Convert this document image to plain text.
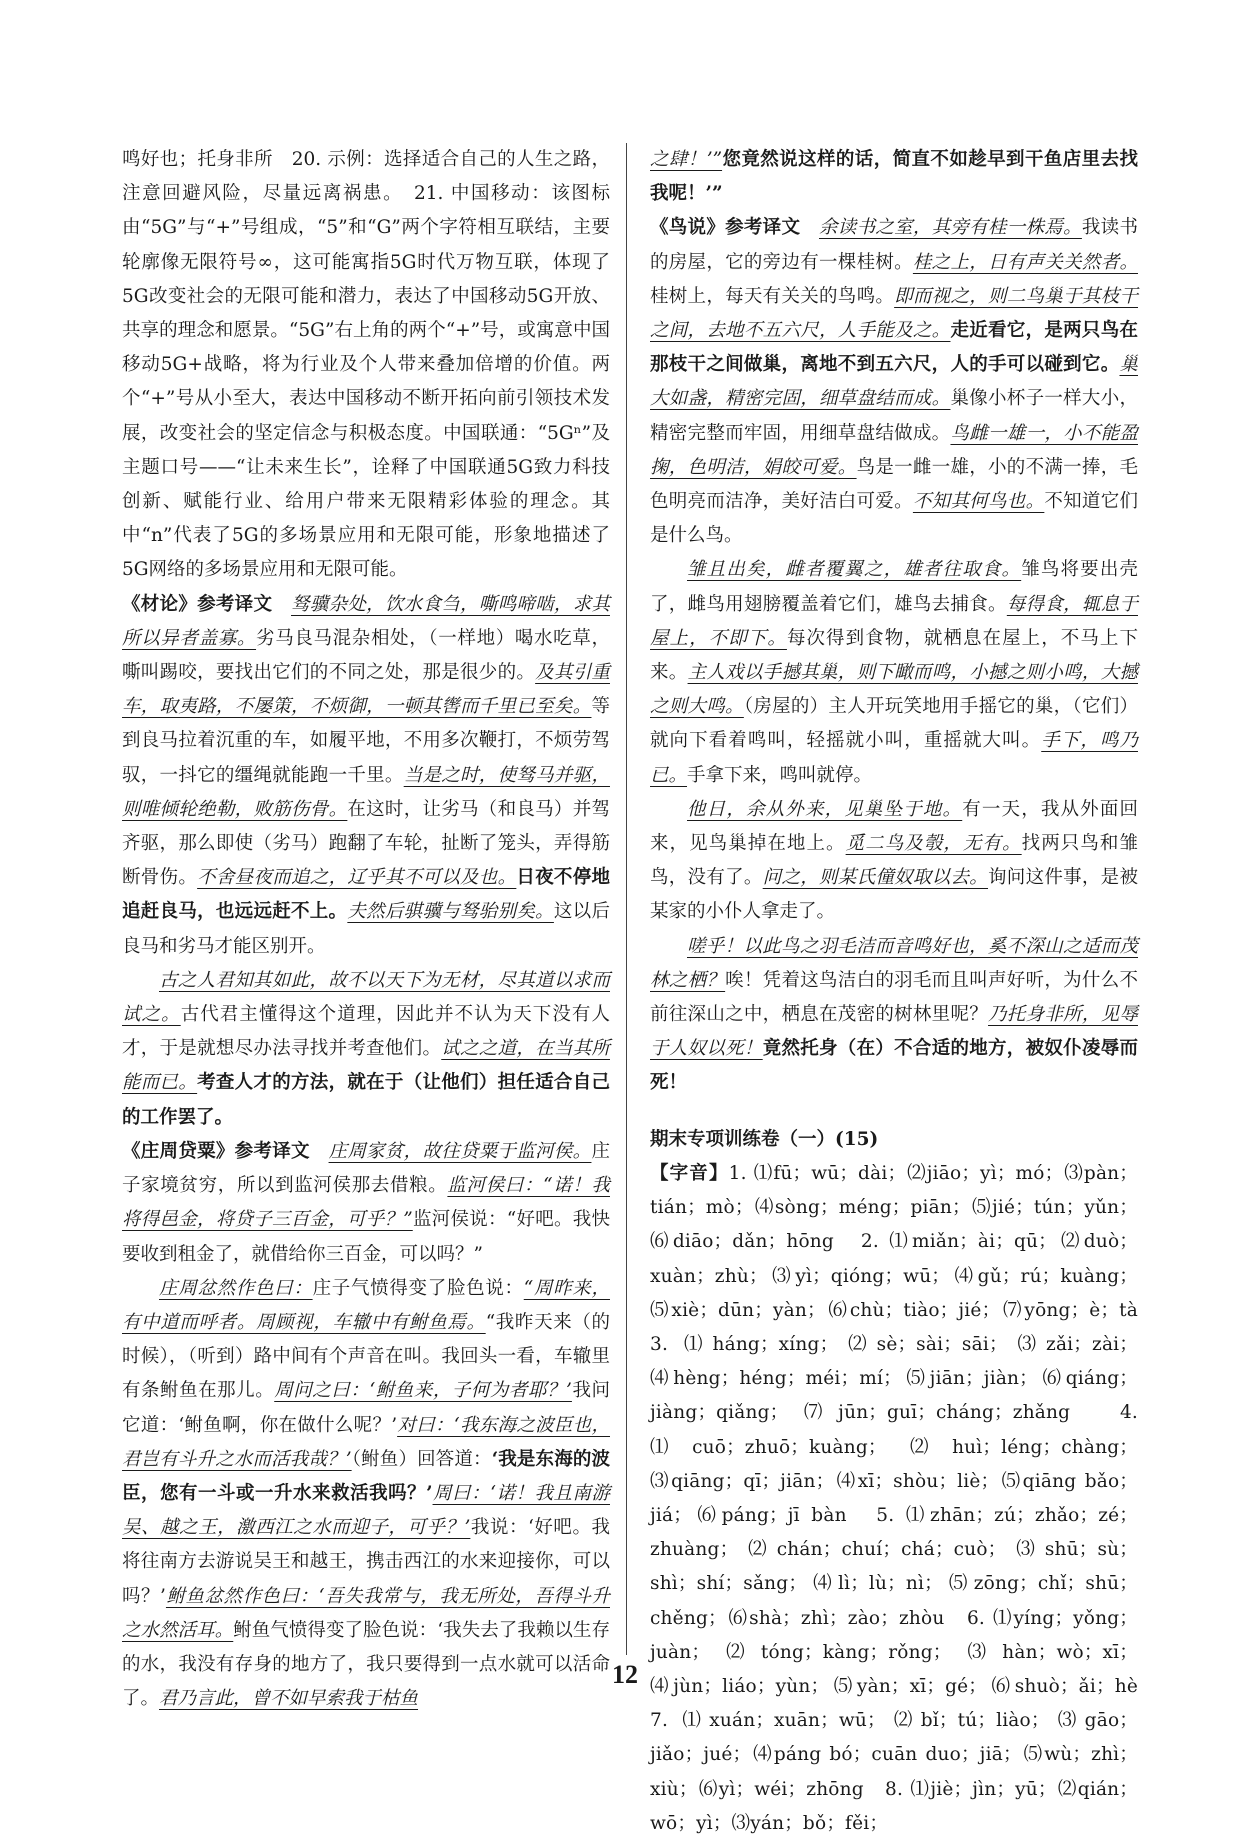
鸣好也；托身非所　20. 示例：选择适合自己的人生之路，注意回避风险，尽量远离祸患。　21. 中国移动：该图标由“5G”与“+”号组成，“5”和“G”两个字符相互联结，主要轮廓像无限符号∞，这可能寓指5G时代万物互联，体现了5G改变社会的无限可能和潜力，表达了中国移动5G开放、共享的理念和愿景。“5G”右上角的两个“+”号，或寓意中国移动5G+战略，将为行业及个人带来叠加倍增的价值。两个“+”号从小至大，表达中国移动不断开拓向前引领技术发展，改变社会的坚定信念与积极态度。中国联通：“5Gⁿ”及主题口号——“让未来生长”，诠释了中国联通5G致力科技创新、赋能行业、给用户带来无限精彩体验的理念。其中“n”代表了5G的多场景应用和无限可能，形象地描述了5G网络的多场景应用和无限可能。

《材论》参考译文　 驽骥杂处，饮水食刍，嘶鸣啼啮，求其所以异者盖寡。劣马良马混杂相处，（一样地）喝水吃草，嘶叫踢咬，要找出它们的不同之处，那是很少的。及其引重车，取夷路，不屡策，不烦御，一顿其辔而千里已至矣。等到良马拉着沉重的车，如履平地，不用多次鞭打，不烦劳驾驭，一抖它的缰绳就能跑一千里。当是之时，使驽马并驱，则唯倾轮绝勒，败筋伤骨。在这时，让劣马（和良马）并驾齐驱，那么即使（劣马）跑翻了车轮，扯断了笼头，弄得筋断骨伤。不舍昼夜而追之，辽乎其不可以及也。日夜不停地追赶良马，也远远赶不上。夫然后骐骥与驽骀别矣。这以后良马和劣马才能区别开。

古之人君知其如此，故不以天下为无材，尽其道以求而试之。古代君主懂得这个道理，因此并不认为天下没有人才，于是就想尽办法寻找并考查他们。试之之道，在当其所能而已。考查人才的方法，就在于（让他们）担任适合自己的工作罢了。

《庄周贷粟》参考译文　 庄周家贫，故往贷粟于监河侯。庄子家境贫穷，所以到监河侯那去借粮。监河侯曰：“诺！我将得邑金，将贷子三百金，可乎？”监河侯说：“好吧。我快要收到租金了，就借给你三百金，可以吗？”

庄周忿然作色曰：庄子气愤得变了脸色说：“周昨来，有中道而呼者。周顾视，车辙中有鲋鱼焉。“我昨天来（的时候），（听到）路中间有个声音在叫。我回头一看，车辙里有条鲋鱼在那儿。周问之曰：‘鲋鱼来，子何为者耶？’我问它道：‘鲋鱼啊，你在做什么呢？’对曰：‘我东海之波臣也，君岂有斗升之水而活我哉？’（鲋鱼）回答道：‘我是东海的波臣，您有一斗或一升水来救活我吗？’周曰：‘诺！我且南游吴、越之王，激西江之水而迎子，可乎？’我说：‘好吧。我将往南方去游说吴王和越王，携击西江的水来迎接你，可以吗？’鲋鱼忿然作色曰：‘吾失我常与，我无所处，吾得斗升之水然活耳。鲋鱼气愤得变了脸色说：‘我失去了我赖以生存的水，我没有存身的地方了，我只要得到一点水就可以活命了。君乃言此，曾不如早索我于枯鱼

之肆！’”您竟然说这样的话，简直不如趁早到干鱼店里去找我呢！’”

《鸟说》参考译文　 余读书之室，其旁有桂一株焉。我读书的房屋，它的旁边有一棵桂树。桂之上，日有声关关然者。桂树上，每天有关关的鸟鸣。即而视之，则二鸟巢于其枝干之间，去地不五六尺，人手能及之。走近看它，是两只鸟在那枝干之间做巢，离地不到五六尺，人的手可以碰到它。巢大如盏，精密完固，细草盘结而成。巢像小杯子一样大小，精密完整而牢固，用细草盘结做成。鸟雌一雄一，小不能盈掬，色明洁，娟皎可爱。鸟是一雌一雄，小的不满一捧，毛色明亮而洁净，美好洁白可爱。不知其何鸟也。不知道它们是什么鸟。

雏且出矣，雌者覆翼之，雄者往取食。雏鸟将要出壳了，雌鸟用翅膀覆盖着它们，雄鸟去捕食。每得食，辄息于屋上，不即下。每次得到食物，就栖息在屋上，不马上下来。主人戏以手撼其巢，则下瞰而鸣，小撼之则小鸣，大撼之则大鸣。（房屋的）主人开玩笑地用手摇它的巢，（它们）就向下看着鸣叫，轻摇就小叫，重摇就大叫。手下，鸣乃已。手拿下来，鸣叫就停。

他日，余从外来，见巢坠于地。有一天，我从外面回来，见鸟巢掉在地上。觅二鸟及彀，无有。找两只鸟和雏鸟，没有了。问之，则某氏僮奴取以去。询问这件事，是被某家的小仆人拿走了。

嗟乎！以此鸟之羽毛洁而音鸣好也，奚不深山之适而茂林之栖？唉！凭着这鸟洁白的羽毛而且叫声好听，为什么不前往深山之中，栖息在茂密的树林里呢？乃托身非所，见辱于人奴以死！竟然托身（在）不合适的地方，被奴仆凌辱而死！

期末专项训练卷（一）(15)

【字音】1. ⑴fū；wū；dài；⑵jiāo；yì；mó；⑶pàn；tián；mò；⑷sòng；méng；piān；⑸jié；tún；yǔn；⑹diāo；dǎn；hōng　2. ⑴miǎn；ài；qū；⑵duò；xuàn；zhù；⑶yì；qióng；wū；⑷gǔ；rú；kuàng；⑸xiè；dūn；yàn；⑹chù；tiào；jié；⑺yōng；è；tà　3. ⑴háng；xíng；⑵sè；sài；sāi；⑶zǎi；zài；⑷hèng；héng；méi；mí；⑸jiān；jiàn；⑹qiáng；jiàng；qiǎng；⑺jūn；guī；cháng；zhǎng　4. ⑴cuō；zhuō；kuàng；⑵huì；léng；chàng；⑶qiāng；qī；jiān；⑷xī；shòu；liè；⑸qiāng bǎo；jiá；⑹páng；jī bàn　5. ⑴zhān；zú；zhǎo；zé；zhuàng；⑵chán；chuí；chá；cuò；⑶shū；sù；shì；shí；sǎng；⑷lì；lù；nì；⑸zōng；chǐ；shū；chěng；⑹shà；zhì；zào；zhòu　6. ⑴yíng；yǒng；juàn；⑵tóng；kàng；rǒng；⑶hàn；wò；xī；⑷jùn；liáo；yùn；⑸yàn；xī；gé；⑹shuò；ǎi；hè　7. ⑴xuán；xuān；wū；⑵bǐ；tú；liào；⑶gāo；jiǎo；jué；⑷páng bó；cuān duo；jiā；⑸wù；zhì；xiù；⑹yì；wéi；zhōng　8. ⑴jiè；jìn；yū；⑵qián；wō；yì；⑶yán；bǒ；fěi；

12
